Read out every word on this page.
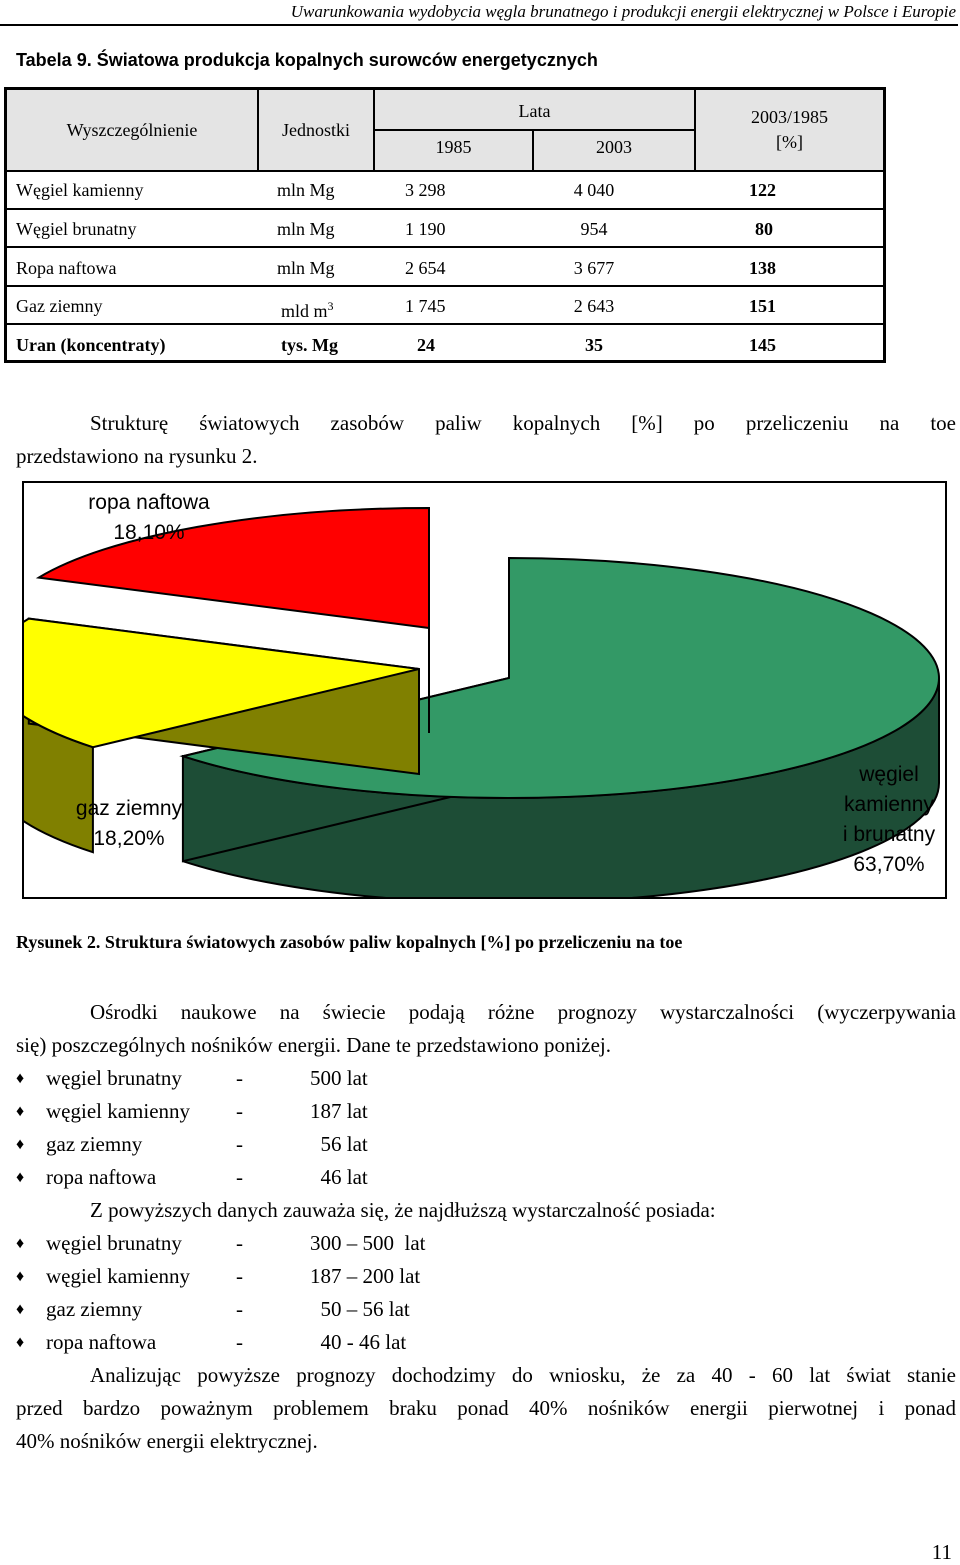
Uwarunkowania wydobycia węgla brunatnego i produkcji energii elektrycznej w Polsce i Europie
Tabela 9. Światowa produkcja kopalnych surowców energetycznych
Wyszczególnienie	Jednostki
Lata
1985	2003
2003/1985
[%]
Węgiel kamienny	mln Mg	3 298	4 040	122
Węgiel brunatny	mln Mg	1 190	954	80
Ropa naftowa	mln Mg	2 654	3 677	138
Gaz ziemny	mld $m^3$	1 745	2 643	151
Uran (koncentraty)	tys. Mg	24	35	145

Strukturę światowych zasobów paliw kopalnych [%] po przeliczeniu na toe

przedstawiono na rysunku 2.

ropa naftowa
18,10%
gaz ziemny
18,20%
węgiel
kamienny
i brunatny
63,70%
Rysunek 2. Struktura światowych zasobów paliw kopalnych [%] po przeliczeniu na toe

Ośrodki naukowe na świecie podają różne prognozy wystarczalności (wyczerpywania

się) poszczególnych nośników energii. Dane te przedstawiono poniżej.

♦ węgiel brunatny	-	500 lat
♦ węgiel kamienny -	187 lat
♦ gaz ziemny	-	56 lat
♦ ropa naftowa	-	46 lat

Z powyższych danych zauważa się, że najdłuższą wystarczalność posiada:

♦ węgiel brunatny	-	300 – 500  lat
♦ węgiel kamienny -	187 – 200 lat
♦ gaz ziemny	-	50 – 56 lat
♦ ropa naftowa	-	40 - 46 lat

Analizując powyższe prognozy dochodzimy do wniosku, że za 40 - 60 lat świat stanie

przed bardzo poważnym problemem braku ponad 40% nośników energii pierwotnej i ponad

40% nośników energii elektrycznej.

11
